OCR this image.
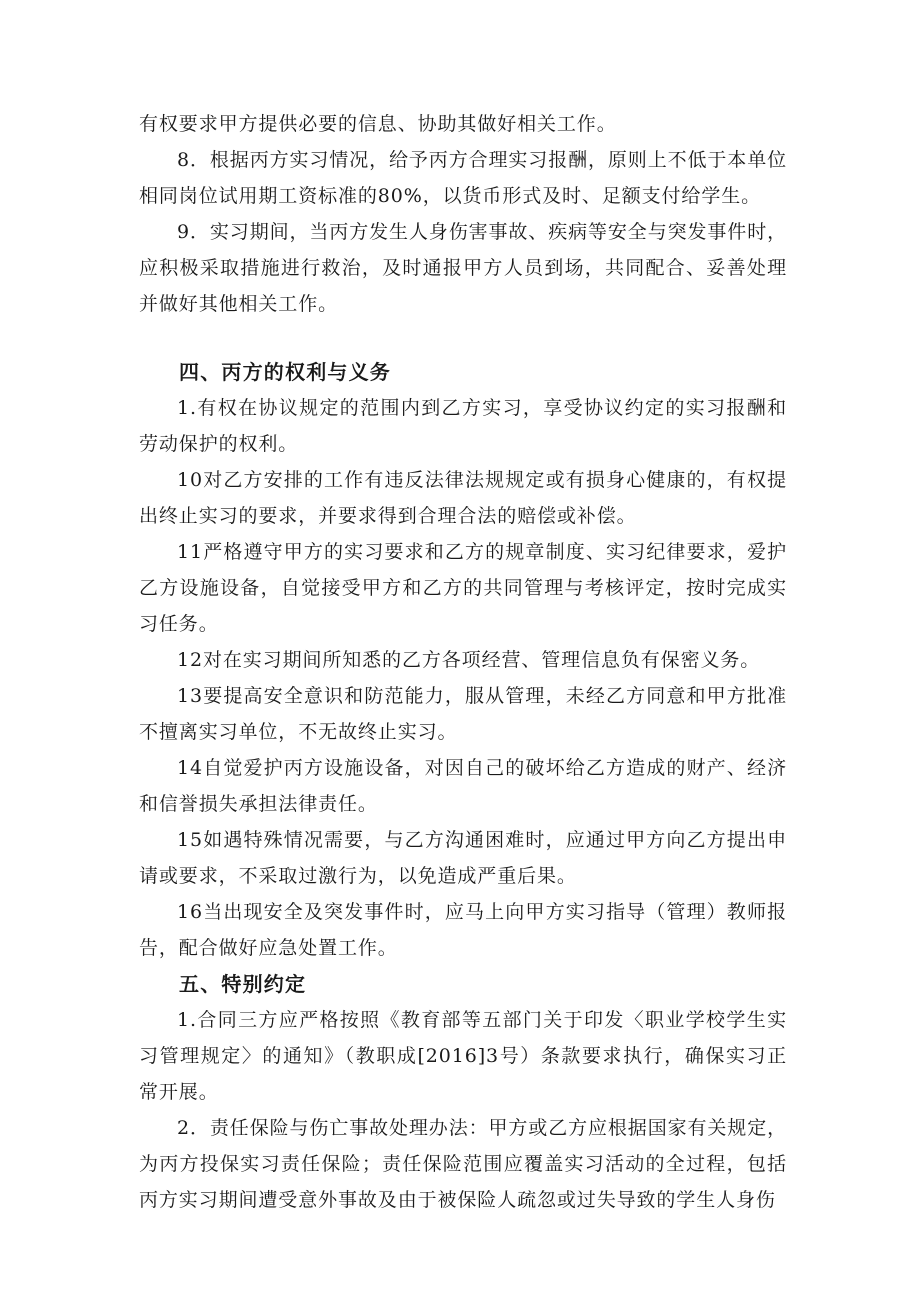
有权要求甲方提供必要的信息、协助其做好相关工作。

8．根据丙方实习情况，给予丙方合理实习报酬，原则上不低于本单位相同岗位试用期工资标准的80%，以货币形式及时、足额支付给学生。

9．实习期间，当丙方发生人身伤害事故、疾病等安全与突发事件时，应积极采取措施进行救治，及时通报甲方人员到场，共同配合、妥善处理并做好其他相关工作。

四、丙方的权利与义务

1.有权在协议规定的范围内到乙方实习，享受协议约定的实习报酬和劳动保护的权利。

10对乙方安排的工作有违反法律法规规定或有损身心健康的，有权提出终止实习的要求，并要求得到合理合法的赔偿或补偿。

11严格遵守甲方的实习要求和乙方的规章制度、实习纪律要求，爱护乙方设施设备，自觉接受甲方和乙方的共同管理与考核评定，按时完成实习任务。

12对在实习期间所知悉的乙方各项经营、管理信息负有保密义务。

13要提高安全意识和防范能力，服从管理，未经乙方同意和甲方批准不擅离实习单位，不无故终止实习。

14自觉爱护丙方设施设备，对因自己的破坏给乙方造成的财产、经济和信誉损失承担法律责任。

15如遇特殊情况需要，与乙方沟通困难时，应通过甲方向乙方提出申请或要求，不采取过激行为，以免造成严重后果。

16当出现安全及突发事件时，应马上向甲方实习指导（管理）教师报告，配合做好应急处置工作。

五、特别约定

1.合同三方应严格按照《教育部等五部门关于印发〈职业学校学生实习管理规定〉的通知》（教职成[2016]3号）条款要求执行，确保实习正常开展。

2．责任保险与伤亡事故处理办法：甲方或乙方应根据国家有关规定，为丙方投保实习责任保险；责任保险范围应覆盖实习活动的全过程，包括丙方实习期间遭受意外事故及由于被保险人疏忽或过失导致的学生人身伤
